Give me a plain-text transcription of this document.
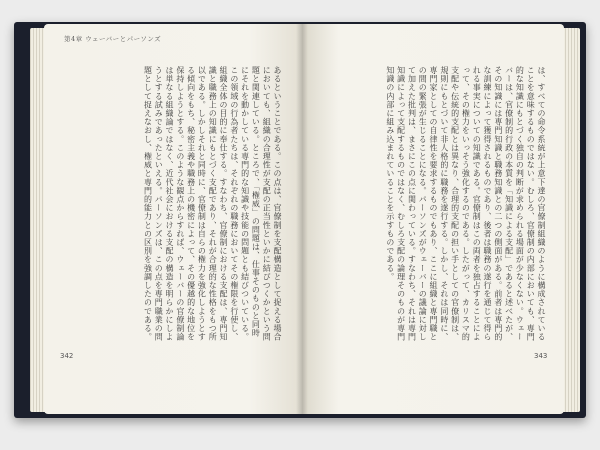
第4章 ウェーバーとパーソンズ
あるということである。この点は、官僚制を支配構造として捉える場合においても、組織の合理性が支配の正当性といかに結びつくかという問題と関連している。ところで、「権威」の問題は、仕事そのものと同時にそれを動かしている専門的な知識や技能の問題とも結びついている。この領域の行為者たちは、それぞれの職務においてその権限を行使し、組織全体の目的に奉仕する。すなわち、官僚制における支配は、専門知識と職務上の知識にもとづく支配であり、それが合理的な性格をもつ所以である。しかしそれと同時に、官僚制は自らの権力を強化しようとする傾向をもち、秘密主義や職務上の機密によって、その優越的な地位を保持しようとする。このような観点からすれば、ウェーバーの官僚制論は単なる組織論ではなく、近代社会における支配の構造を明らかにしようとする試みであったといえる。パーソンズは、この点を専門職業の問題として捉えなおし、権威と専門的能力との区別を強調したのである。
342
は、すべての命令系統が上意下達の官僚制組織のように構成されていることを意味するものではない。むしろ、官僚制の内部においても、専門的な知識にもとづく独自の判断が求められる場面が少なくない。ウェーバーは、官僚制的行政の本質を「知識による支配」であると述べたが、その知識には専門知識と職務知識との二つの側面がある。前者は専門的な訓練によって獲得されるものであり、後者は職務の遂行を通じて得られる事実についての知識である。官僚制はこの両者を独占することによって、その権力をいっそう強化するのである。したがって、カリスマ的支配や伝統的支配とは異なり、合理的支配の担い手としての官僚制は、規則にもとづいて非人格的に職務を遂行する。しかし、それは同時に、専門家としての自律性を要求するものでもあり、ここに組織と専門職との間の緊張が生じることになる。パーソンズがウェーバーの議論に対して加えた批判は、まさにこの点に関わっている。すなわち、それは専門知識によって支配するものではなく、むしろ支配の論理そのものが専門知識の内部に組み込まれていることを示すものである。
343
